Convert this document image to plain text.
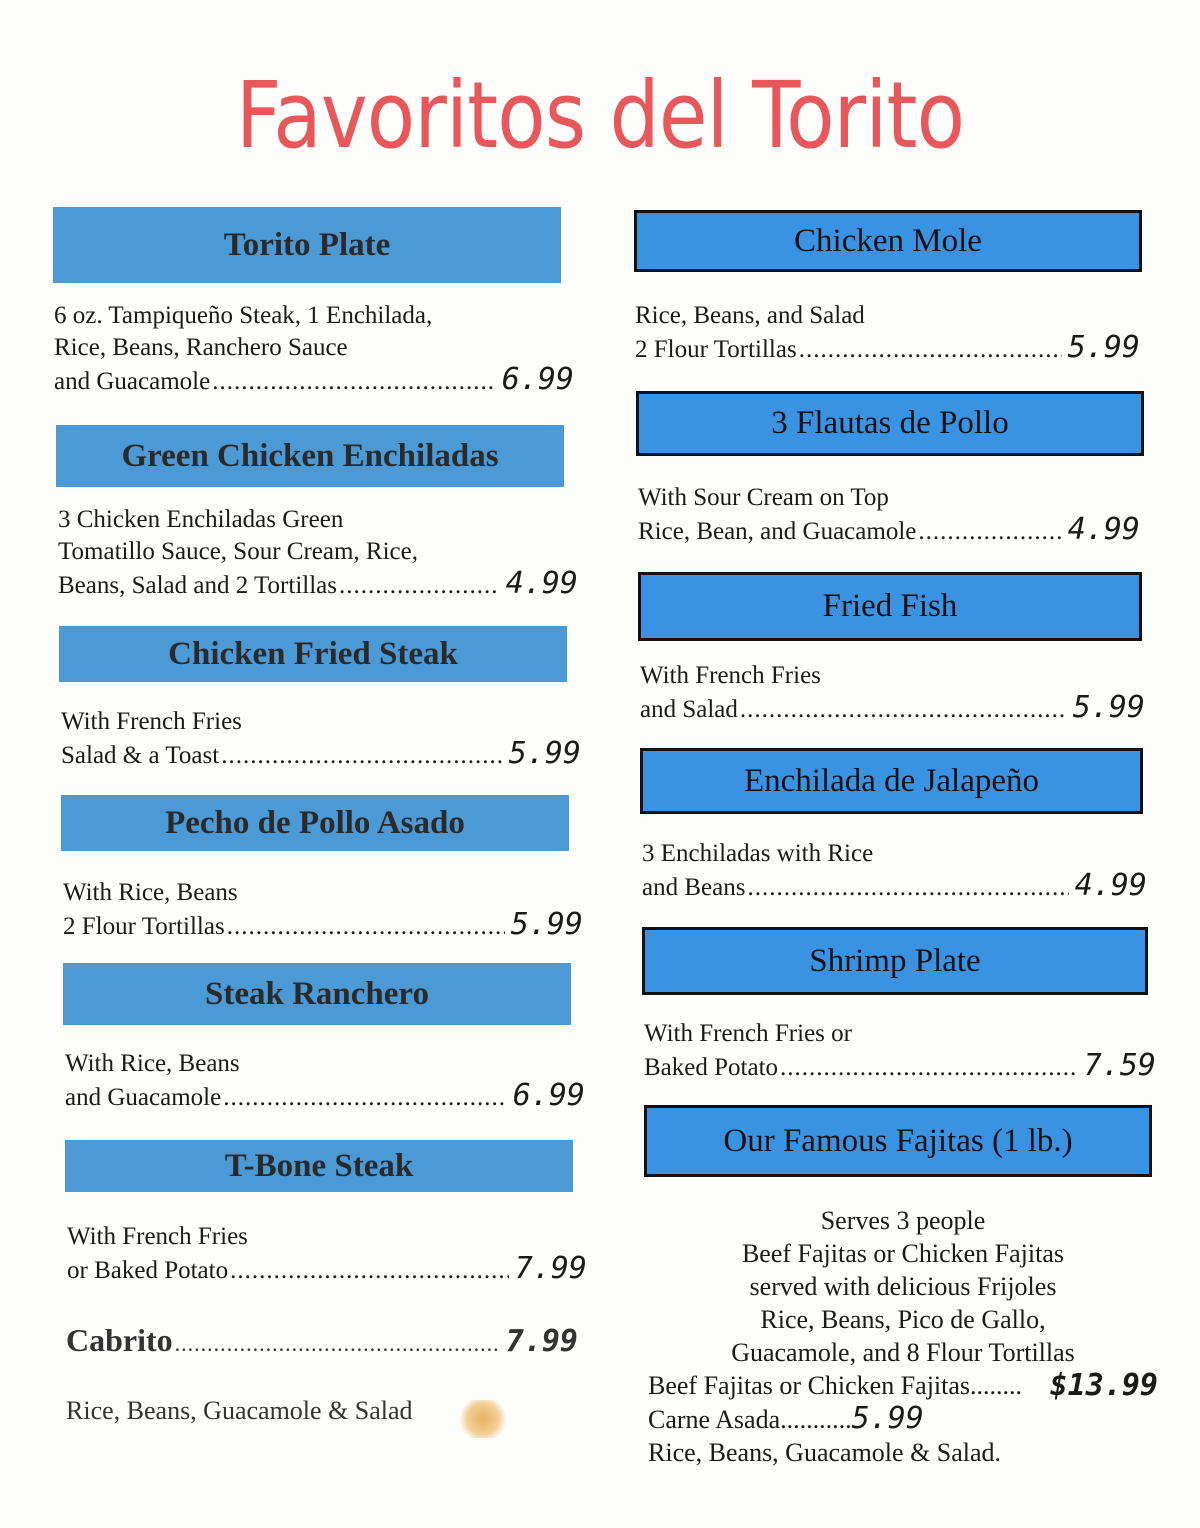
Favoritos del Torito
Torito Plate
6 oz. Tampiqueño Steak, 1 Enchilada,
Rice, Beans, Ranchero Sauce
and Guacamole .....	6.99
Green Chicken Enchiladas
3 Chicken Enchiladas Green
Tomatillo Sauce, Sour Cream, Rice,
Beans, Salad and 2 Tortillas .....	4.99
Chicken Fried Steak
With French Fries
Salad & a Toast .....	5.99
Pecho de Pollo Asado
With Rice, Beans
2 Flour Tortillas .....	5.99
Steak Ranchero
With Rice, Beans
and Guacamole .....	6.99
T-Bone Steak
With French Fries
or Baked Potato .....	7.99
Cabrito .....	7.99
Rice, Beans, Guacamole & Salad
Chicken Mole
Rice, Beans, and Salad
2 Flour Tortillas .....	5.99
3 Flautas de Pollo
With Sour Cream on Top
Rice, Bean, and Guacamole .....	4.99
Fried Fish
With French Fries
and Salad .....	5.99
Enchilada de Jalapeño
3 Enchiladas with Rice
and Beans .....	4.99
Shrimp Plate
With French Fries or
Baked Potato .....	7.59
Our Famous Fajitas (1 lb.)
Serves 3 people
Beef Fajitas or Chicken Fajitas
served with delicious Frijoles
Rice, Beans, Pico de Gallo,
Guacamole, and 8 Flour Tortillas
Beef Fajitas or Chicken Fajitas........ $13.99
Carne Asada...........5.99
Rice, Beans, Guacamole & Salad.
